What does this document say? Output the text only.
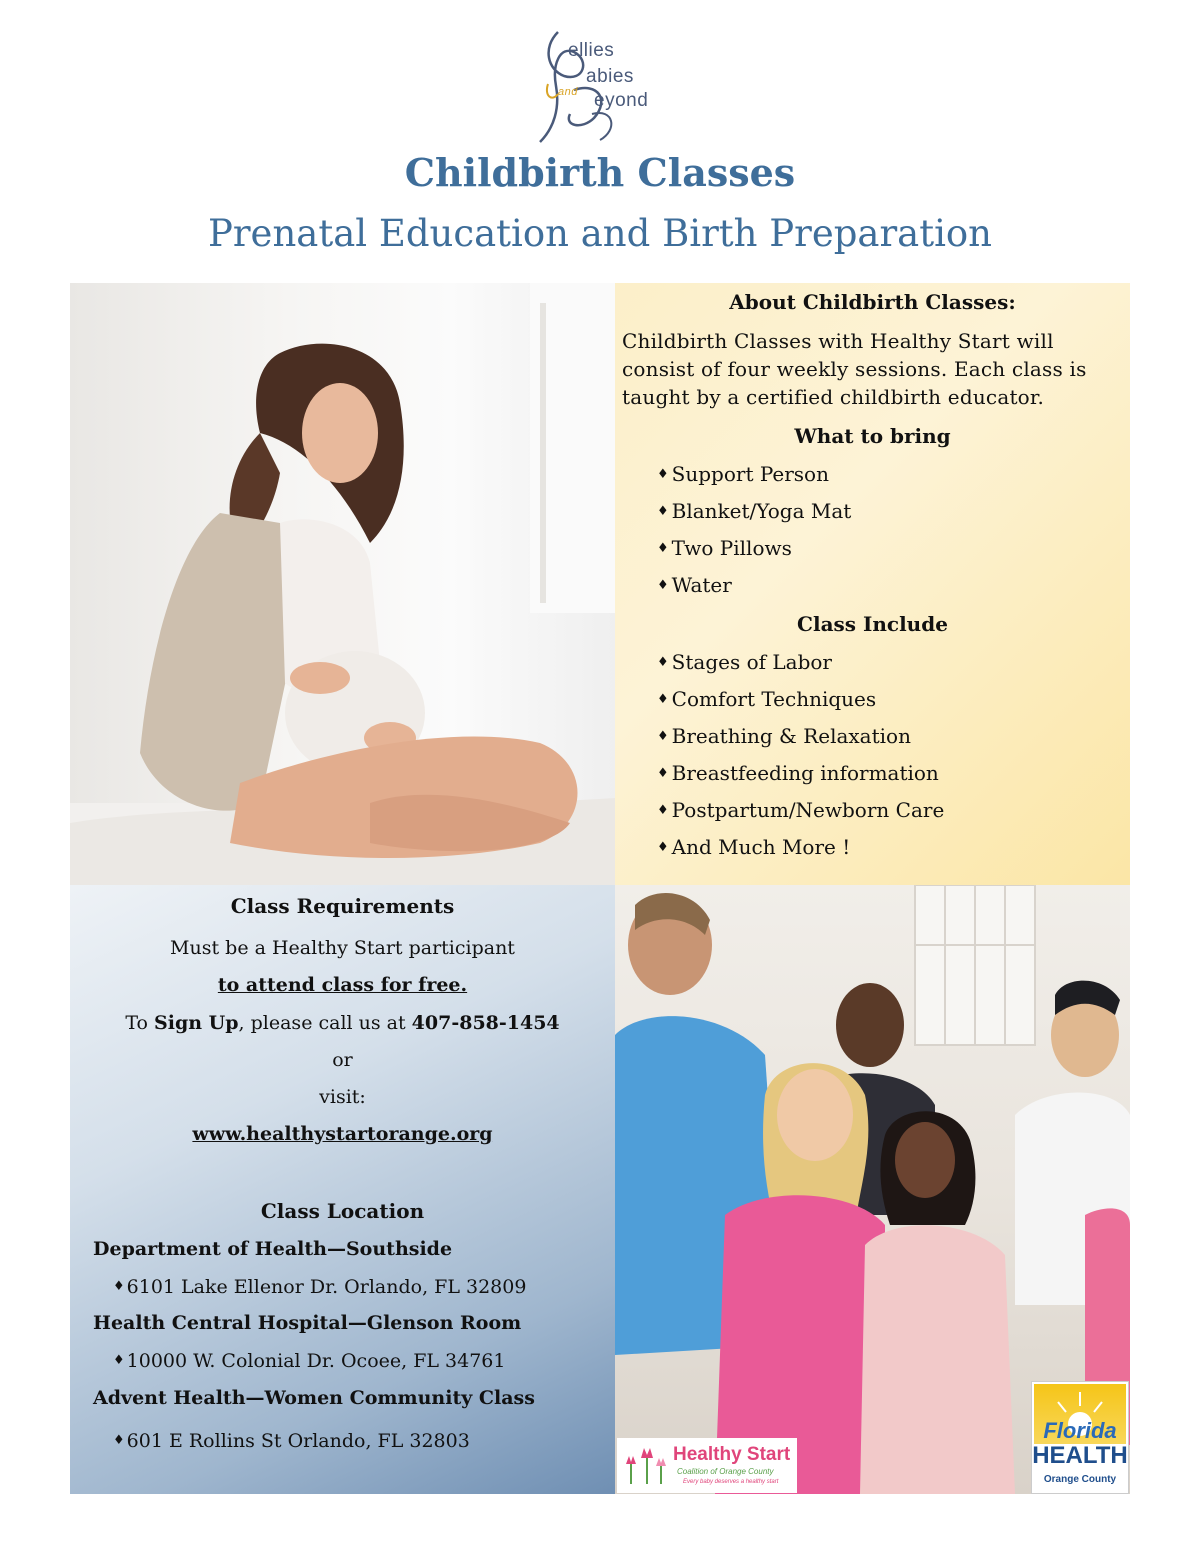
ellies
abies
eyond
and
Childbirth Classes
Prenatal Education and Birth Preparation
About Childbirth Classes:
Childbirth Classes with Healthy Start will consist of four weekly sessions. Each class is taught by a certified childbirth educator.
What to bring
♦ Support Person
♦ Blanket/Yoga Mat
♦ Two Pillows
♦ Water
Class Include
♦ Stages of Labor
♦ Comfort Techniques
♦ Breathing & Relaxation
♦ Breastfeeding information
♦ Postpartum/Newborn Care
♦ And Much More !
Class Requirements
Must be a Healthy Start participant
to attend class for free.
To Sign Up, please call us at 407-858-1454
or
visit:
www.healthystartorange.org
Class Location
Department of Health—Southside
♦ 6101 Lake Ellenor Dr. Orlando, FL 32809
Health Central Hospital—Glenson Room
♦ 10000 W. Colonial Dr. Ocoee, FL 34761
Advent Health—Women Community Class
♦ 601 E Rollins St Orlando, FL 32803
Healthy Start
Coalition of Orange County
Every baby deserves a healthy start
Florida
HEALTH
Orange County
